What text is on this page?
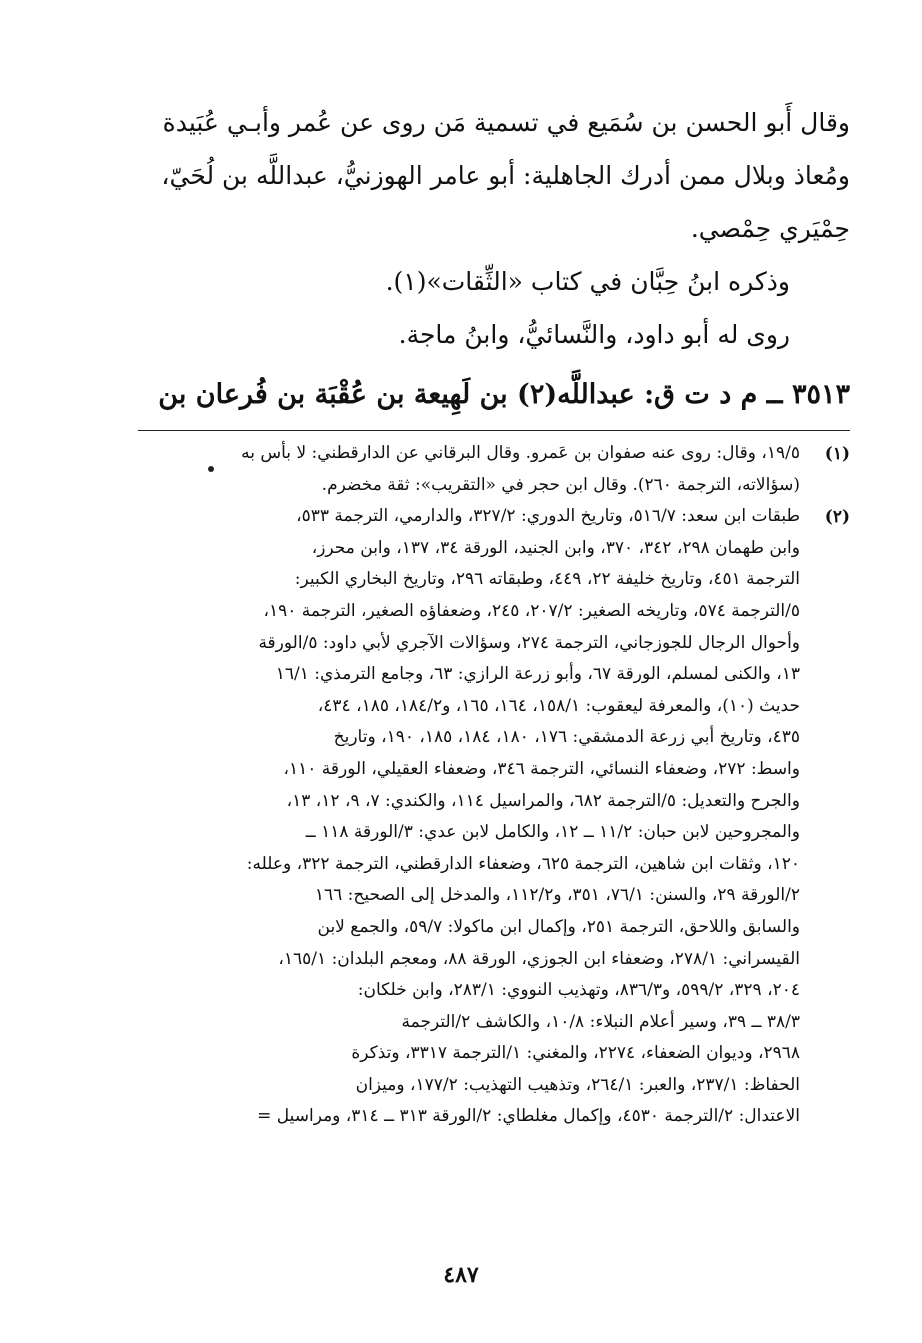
وقال أَبو الحسن بن سُمَيع في تسمية مَن روى عن عُمر وأبـي عُبَيدة
ومُعاذ وبلال ممن أدرك الجاهلية: أبو عامر الهوزنيُّ، عبداللَّه بن لُحَيّ،
حِمْيَري حِمْصي.
وذكره ابنُ حِبَّان في كتاب «الثِّقات»(١).
روى له أبو داود، والنَّسائيُّ، وابنُ ماجة.
٣٥١٣ ــ م د ت ق: عبداللَّه(٢) بن لَهِيعة بن عُقْبَة بن فُرعان بن
(١)
١٩/٥، وقال: روى عنه صفوان بن عَمرو. وقال البرقاني عن الدارقطني: لا بأس به
(سؤالاته، الترجمة ٢٦٠). وقال ابن حجر في «التقريب»: ثقة مخضرم.
(٢)
طبقات ابن سعد: ٥١٦/٧، وتاريخ الدوري: ٣٢٧/٢، والدارمي، الترجمة ٥٣٣،
وابن طهمان ٢٩٨، ٣٤٢، ٣٧٠، وابن الجنيد، الورقة ٣٤، ١٣٧، وابن محرز،
الترجمة ٤٥١، وتاريخ خليفة ٢٢، ٤٤٩، وطبقاته ٢٩٦، وتاريخ البخاري الكبير:
٥/الترجمة ٥٧٤، وتاريخه الصغير: ٢٠٧/٢، ٢٤٥، وضعفاؤه الصغير، الترجمة ١٩٠،
وأحوال الرجال للجوزجاني، الترجمة ٢٧٤، وسؤالات الآجري لأبي داود: ٥/الورقة
١٣، والكنى لمسلم، الورقة ٦٧، وأبو زرعة الرازي: ٦٣، وجامع الترمذي: ١٦/١
حديث (١٠)، والمعرفة ليعقوب: ١٥٨/١، ١٦٤، ١٦٥، و١٨٤/٢، ١٨٥، ٤٣٤،
٤٣٥، وتاريخ أبي زرعة الدمشقي: ١٧٦، ١٨٠، ١٨٤، ١٨٥، ١٩٠، وتاريخ
واسط: ٢٧٢، وضعفاء النسائي، الترجمة ٣٤٦، وضعفاء العقيلي، الورقة ١١٠،
والجرح والتعديل: ٥/الترجمة ٦٨٢، والمراسيل ١١٤، والكندي: ٧، ٩، ١٢، ١٣،
والمجروحين لابن حبان: ١١/٢ ــ ١٢، والكامل لابن عدي: ٣/الورقة ١١٨ ــ
١٢٠، وثقات ابن شاهين، الترجمة ٦٢٥، وضعفاء الدارقطني، الترجمة ٣٢٢، وعلله:
٢/الورقة ٢٩، والسنن: ٧٦/١، ٣٥١، و١١٢/٢، والمدخل إلى الصحيح: ١٦٦
والسابق واللاحق، الترجمة ٢٥١، وإكمال ابن ماكولا: ٥٩/٧، والجمع لابن
القيسراني: ٢٧٨/١، وضعفاء ابن الجوزي، الورقة ٨٨، ومعجم البلدان: ١٦٥/١،
٢٠٤، ٣٢٩، ٥٩٩/٢، و٨٣٦/٣، وتهذيب النووي: ٢٨٣/١، وابن خلكان:
٣٨/٣ ــ ٣٩، وسير أعلام النبلاء: ١٠/٨، والكاشف ٢/الترجمة
٢٩٦٨، وديوان الضعفاء، ٢٢٧٤، والمغني: ١/الترجمة ٣٣١٧، وتذكرة
الحفاظ: ٢٣٧/١، والعبر: ٢٦٤/١، وتذهيب التهذيب: ١٧٧/٢، وميزان
الاعتدال: ٢/الترجمة ٤٥٣٠، وإكمال مغلطاي: ٢/الورقة ٣١٣ ــ ٣١٤، ومراسيل =
٤٨٧
